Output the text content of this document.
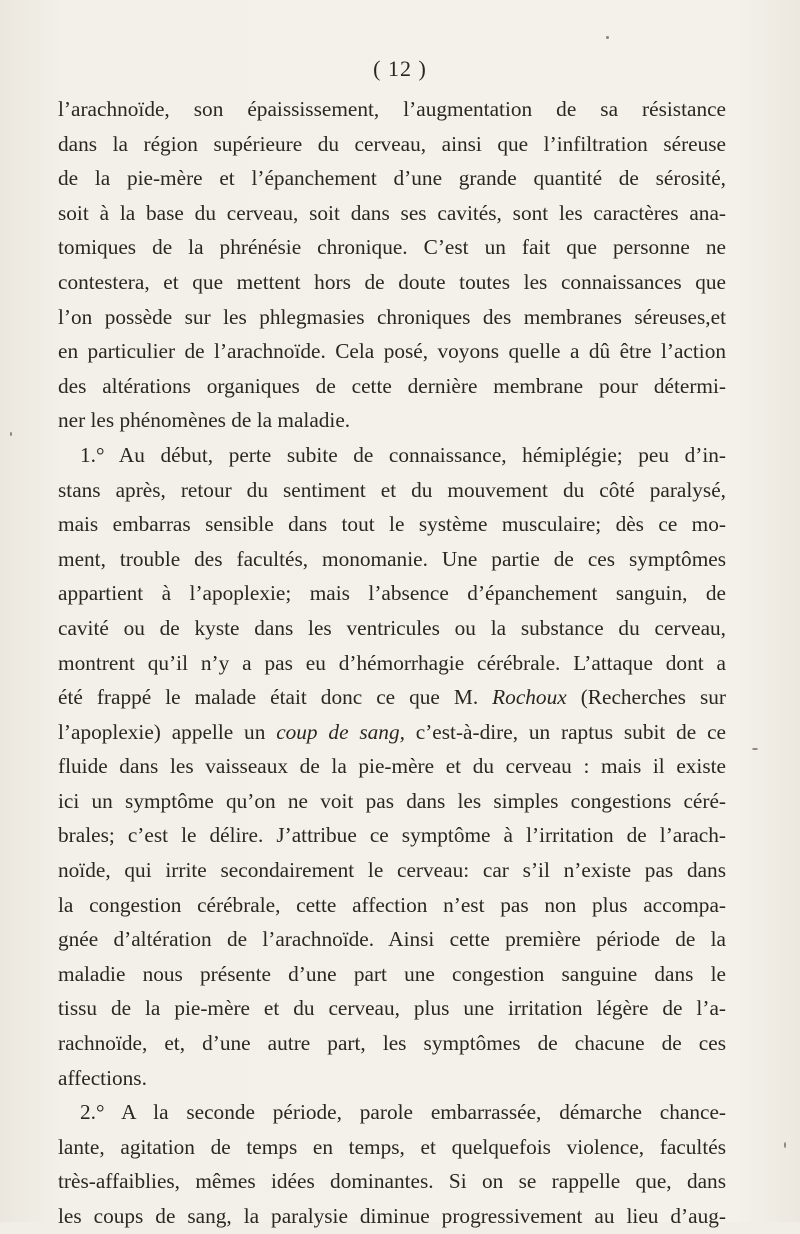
( 12 )
l’arachnoïde, son épaississement, l’augmentation de sa résistance
dans la région supérieure du cerveau, ainsi que l’infiltration séreuse
de la pie-mère et l’épanchement d’une grande quantité de sérosité,
soit à la base du cerveau, soit dans ses cavités, sont les caractères ana-
tomiques de la phrénésie chronique. C’est un fait que personne ne
contestera, et que mettent hors de doute toutes les connaissances que
l’on possède sur les phlegmasies chroniques des membranes séreuses,et
en particulier de l’arachnoïde. Cela posé, voyons quelle a dû être l’action
des altérations organiques de cette dernière membrane pour détermi-
ner les phénomènes de la maladie.
1.° Au début, perte subite de connaissance, hémiplégie; peu d’in-
stans après, retour du sentiment et du mouvement du côté paralysé,
mais embarras sensible dans tout le système musculaire; dès ce mo-
ment, trouble des facultés, monomanie. Une partie de ces symptômes
appartient à l’apoplexie; mais l’absence d’épanchement sanguin, de
cavité ou de kyste dans les ventricules ou la substance du cerveau,
montrent qu’il n’y a pas eu d’hémorrhagie cérébrale. L’attaque dont a
été frappé le malade était donc ce que M. Rochoux (Recherches sur
l’apoplexie) appelle un coup de sang, c’est-à-dire, un raptus subit de ce
fluide dans les vaisseaux de la pie-mère et du cerveau : mais il existe
ici un symptôme qu’on ne voit pas dans les simples congestions céré-
brales; c’est le délire. J’attribue ce symptôme à l’irritation de l’arach-
noïde, qui irrite secondairement le cerveau: car s’il n’existe pas dans
la congestion cérébrale, cette affection n’est pas non plus accompa-
gnée d’altération de l’arachnoïde. Ainsi cette première période de la
maladie nous présente d’une part une congestion sanguine dans le
tissu de la pie-mère et du cerveau, plus une irritation légère de l’a-
rachnoïde, et, d’une autre part, les symptômes de chacune de ces
affections.
2.° A la seconde période, parole embarrassée, démarche chance-
lante, agitation de temps en temps, et quelquefois violence, facultés
très-affaiblies, mêmes idées dominantes. Si on se rappelle que, dans
les coups de sang, la paralysie diminue progressivement au lieu d’aug-
